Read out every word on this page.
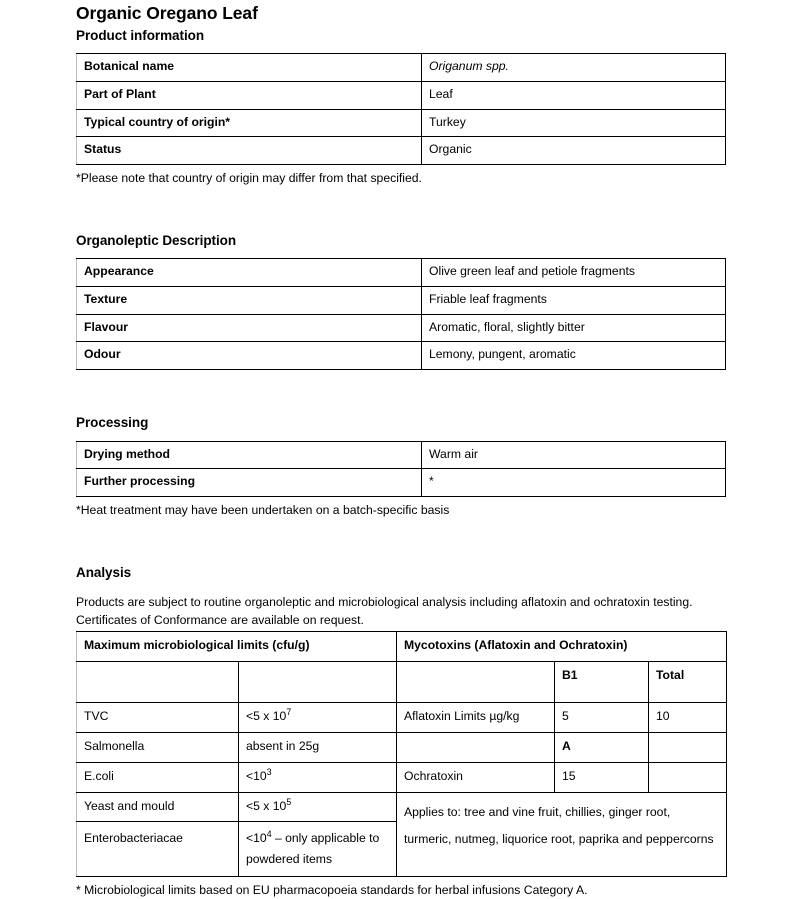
Organic Oregano Leaf
Product information
Botanical name	Origanum spp.
Part of Plant	Leaf
Typical country of origin*	Turkey
Status	Organic

*Please note that country of origin may differ from that specified.

Organoleptic Description
Appearance	Olive green leaf and petiole fragments
Texture	Friable leaf fragments
Flavour	Aromatic, floral, slightly bitter
Odour	Lemony, pungent, aromatic
Processing
Drying method	Warm air
Further processing	*

*Heat treatment may have been undertaken on a batch-specific basis

Analysis

Products are subject to routine organoleptic and microbiological analysis including aflatoxin and ochratoxin testing. Certificates of Conformance are available on request.

Maximum microbiological limits (cfu/g)		Mycotoxins (Aflatoxin and Ochratoxin)		
			B1	Total
TVC	<5 x $10^7$	Aflatoxin Limits µg/kg	5	10
Salmonella	absent in 25g		A	
E.coli	$<10^3$	Ochratoxin	15	
Yeast and mould	<5 x $10^5$	Applies to: tree and vine fruit, chillies, ginger root, turmeric, nutmeg, liquorice root, paprika and peppercorns		
Enterobacteriacae	$<10^4$ – only applicable to powdered items			

* Microbiological limits based on EU pharmacopoeia standards for herbal infusions Category A.
